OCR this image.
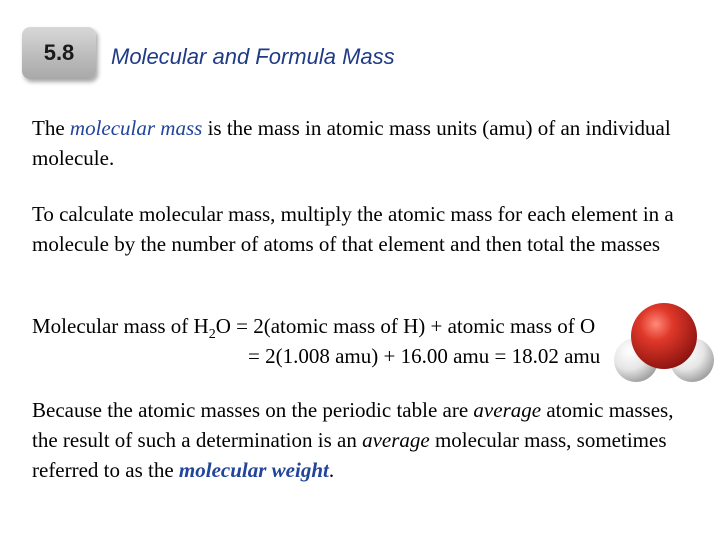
5.8	Molecular and Formula Mass

The molecular mass is the mass in atomic mass units (amu) of an individual molecule.

To calculate molecular mass, multiply the atomic mass for each element in a molecule by the number of atoms of that element and then total the masses

Molecular mass of $H_2O$ = 2(atomic mass of H) + atomic mass of O
= 2(1.008 amu) + 16.00 amu = 18.02 amu

Because the atomic masses on the periodic table are average atomic masses, the result of such a determination is an average molecular mass, sometimes referred to as the molecular weight.
